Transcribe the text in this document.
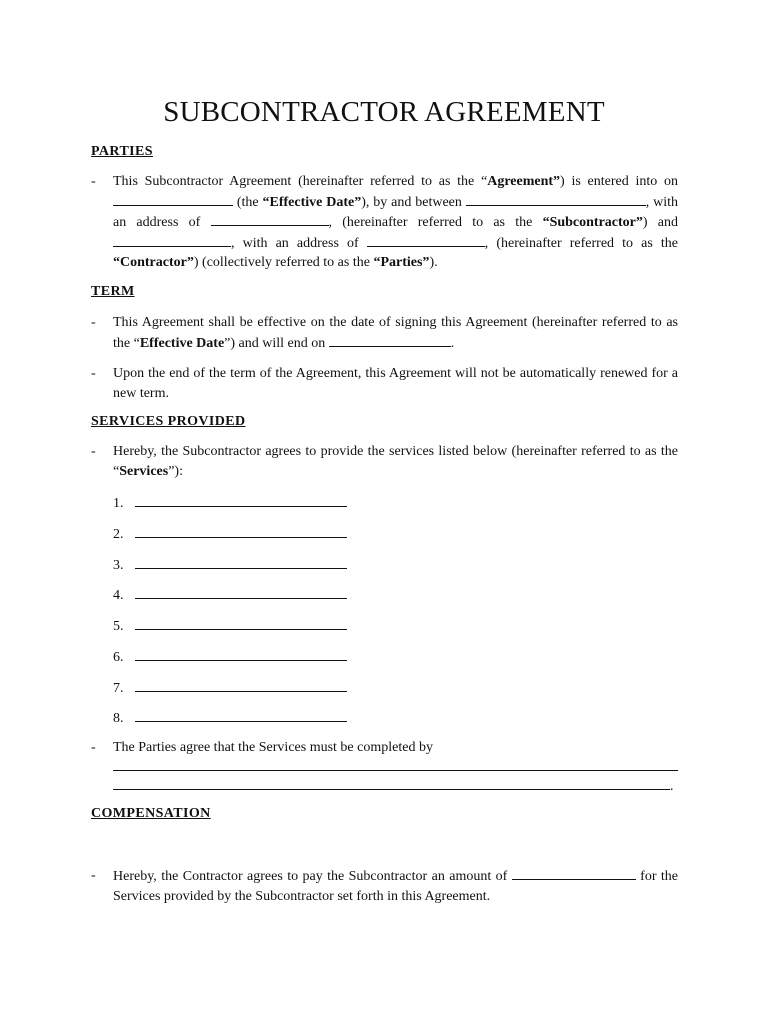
SUBCONTRACTOR AGREEMENT
PARTIES
- This Subcontractor Agreement (hereinafter referred to as the “Agreement”) is entered into on  (the “Effective Date”), by and between	, with an address of	, (hereinafter referred to as the “Subcontractor”) and , with an address of	, (hereinafter referred to as the “Contractor”) (collectively referred to as the “Parties”).
TERM
- This Agreement shall be effective on the date of signing this Agreement (hereinafter referred to as the “Effective Date”) and will end on	.
- Upon the end of the term of the Agreement, this Agreement will not be automatically renewed for a new term.
SERVICES PROVIDED
- Hereby, the Subcontractor agrees to provide the services listed below (hereinafter referred to as the “Services”):
1.
2.
3.
4.
5.
6.
7.
8.
- The Parties agree that the Services must be completed by
.
COMPENSATION
- Hereby, the Contractor agrees to pay the Subcontractor an amount of	for the Services provided by the Subcontractor set forth in this Agreement.
